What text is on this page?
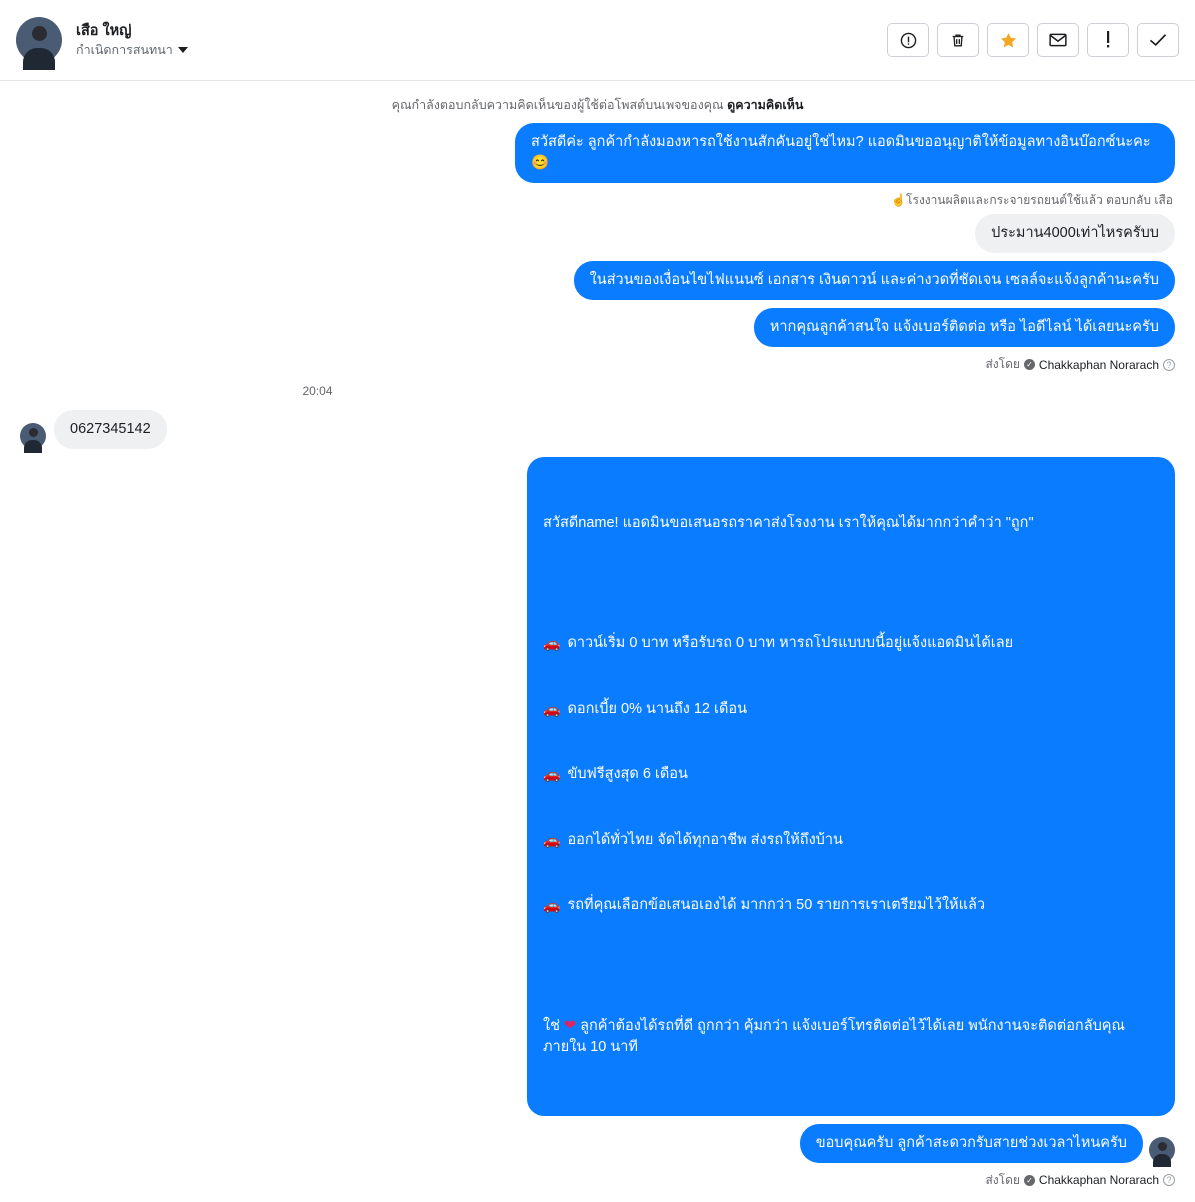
เสือ ใหญ่
กำเนิดการสนทนา
คุณกำลังตอบกลับความคิดเห็นของผู้ใช้ต่อโพสต์บนเพจของคุณ ดูความคิดเห็น
สวัสดีค่ะ ลูกค้ากำลังมองหารถใช้งานสักคันอยู่ใช่ไหม? แอดมินขออนุญาติให้ข้อมูลทางอินบ๊อกซ์นะคะ 😊
☝โรงงานผลิตและกระจายรถยนต์ใช้แล้ว ตอบกลับ เสือ
ประมาน4000เท่าไหรครับบ
ในส่วนของเงื่อนไขไฟแนนซ์ เอกสาร เงินดาวน์ และค่างวดที่ชัดเจน เซลล์จะแจ้งลูกค้านะครับ
หากคุณลูกค้าสนใจ แจ้งเบอร์ติดต่อ หรือ ไอดีไลน์ ได้เลยนะครับ
ส่งโดย ✓ Chakkaphan Norarach ?
20:04
0627345142

สวัสดีname! แอดมินขอเสนอรถราคาส่งโรงงาน เราให้คุณได้มากกว่าคำว่า "ถูก"

🚗 ดาวน์เริ่ม 0 บาท หรือรับรถ 0 บาท หารถโปรแบบบนี้อยู่แจ้งแอดมินได้เลย

🚗 ดอกเบี้ย 0% นานถึง 12 เดือน

🚗 ขับฟรีสูงสุด 6 เดือน

🚗 ออกได้ทั่วไทย จัดได้ทุกอาชีพ ส่งรถให้ถึงบ้าน

🚗 รถที่คุณเลือกข้อเสนอเองได้ มากกว่า 50 รายการเราเตรียมไว้ให้แล้ว

ใช่ ❤ ลูกค้าต้องได้รถที่ดี ถูกกว่า คุ้มกว่า แจ้งเบอร์โทรติดต่อไว้ได้เลย พนักงานจะติดต่อกลับคุณภายใน 10 นาที

ขอบคุณครับ ลูกค้าสะดวกรับสายช่วงเวลาไหนครับ
ส่งโดย ✓ Chakkaphan Norarach ?
